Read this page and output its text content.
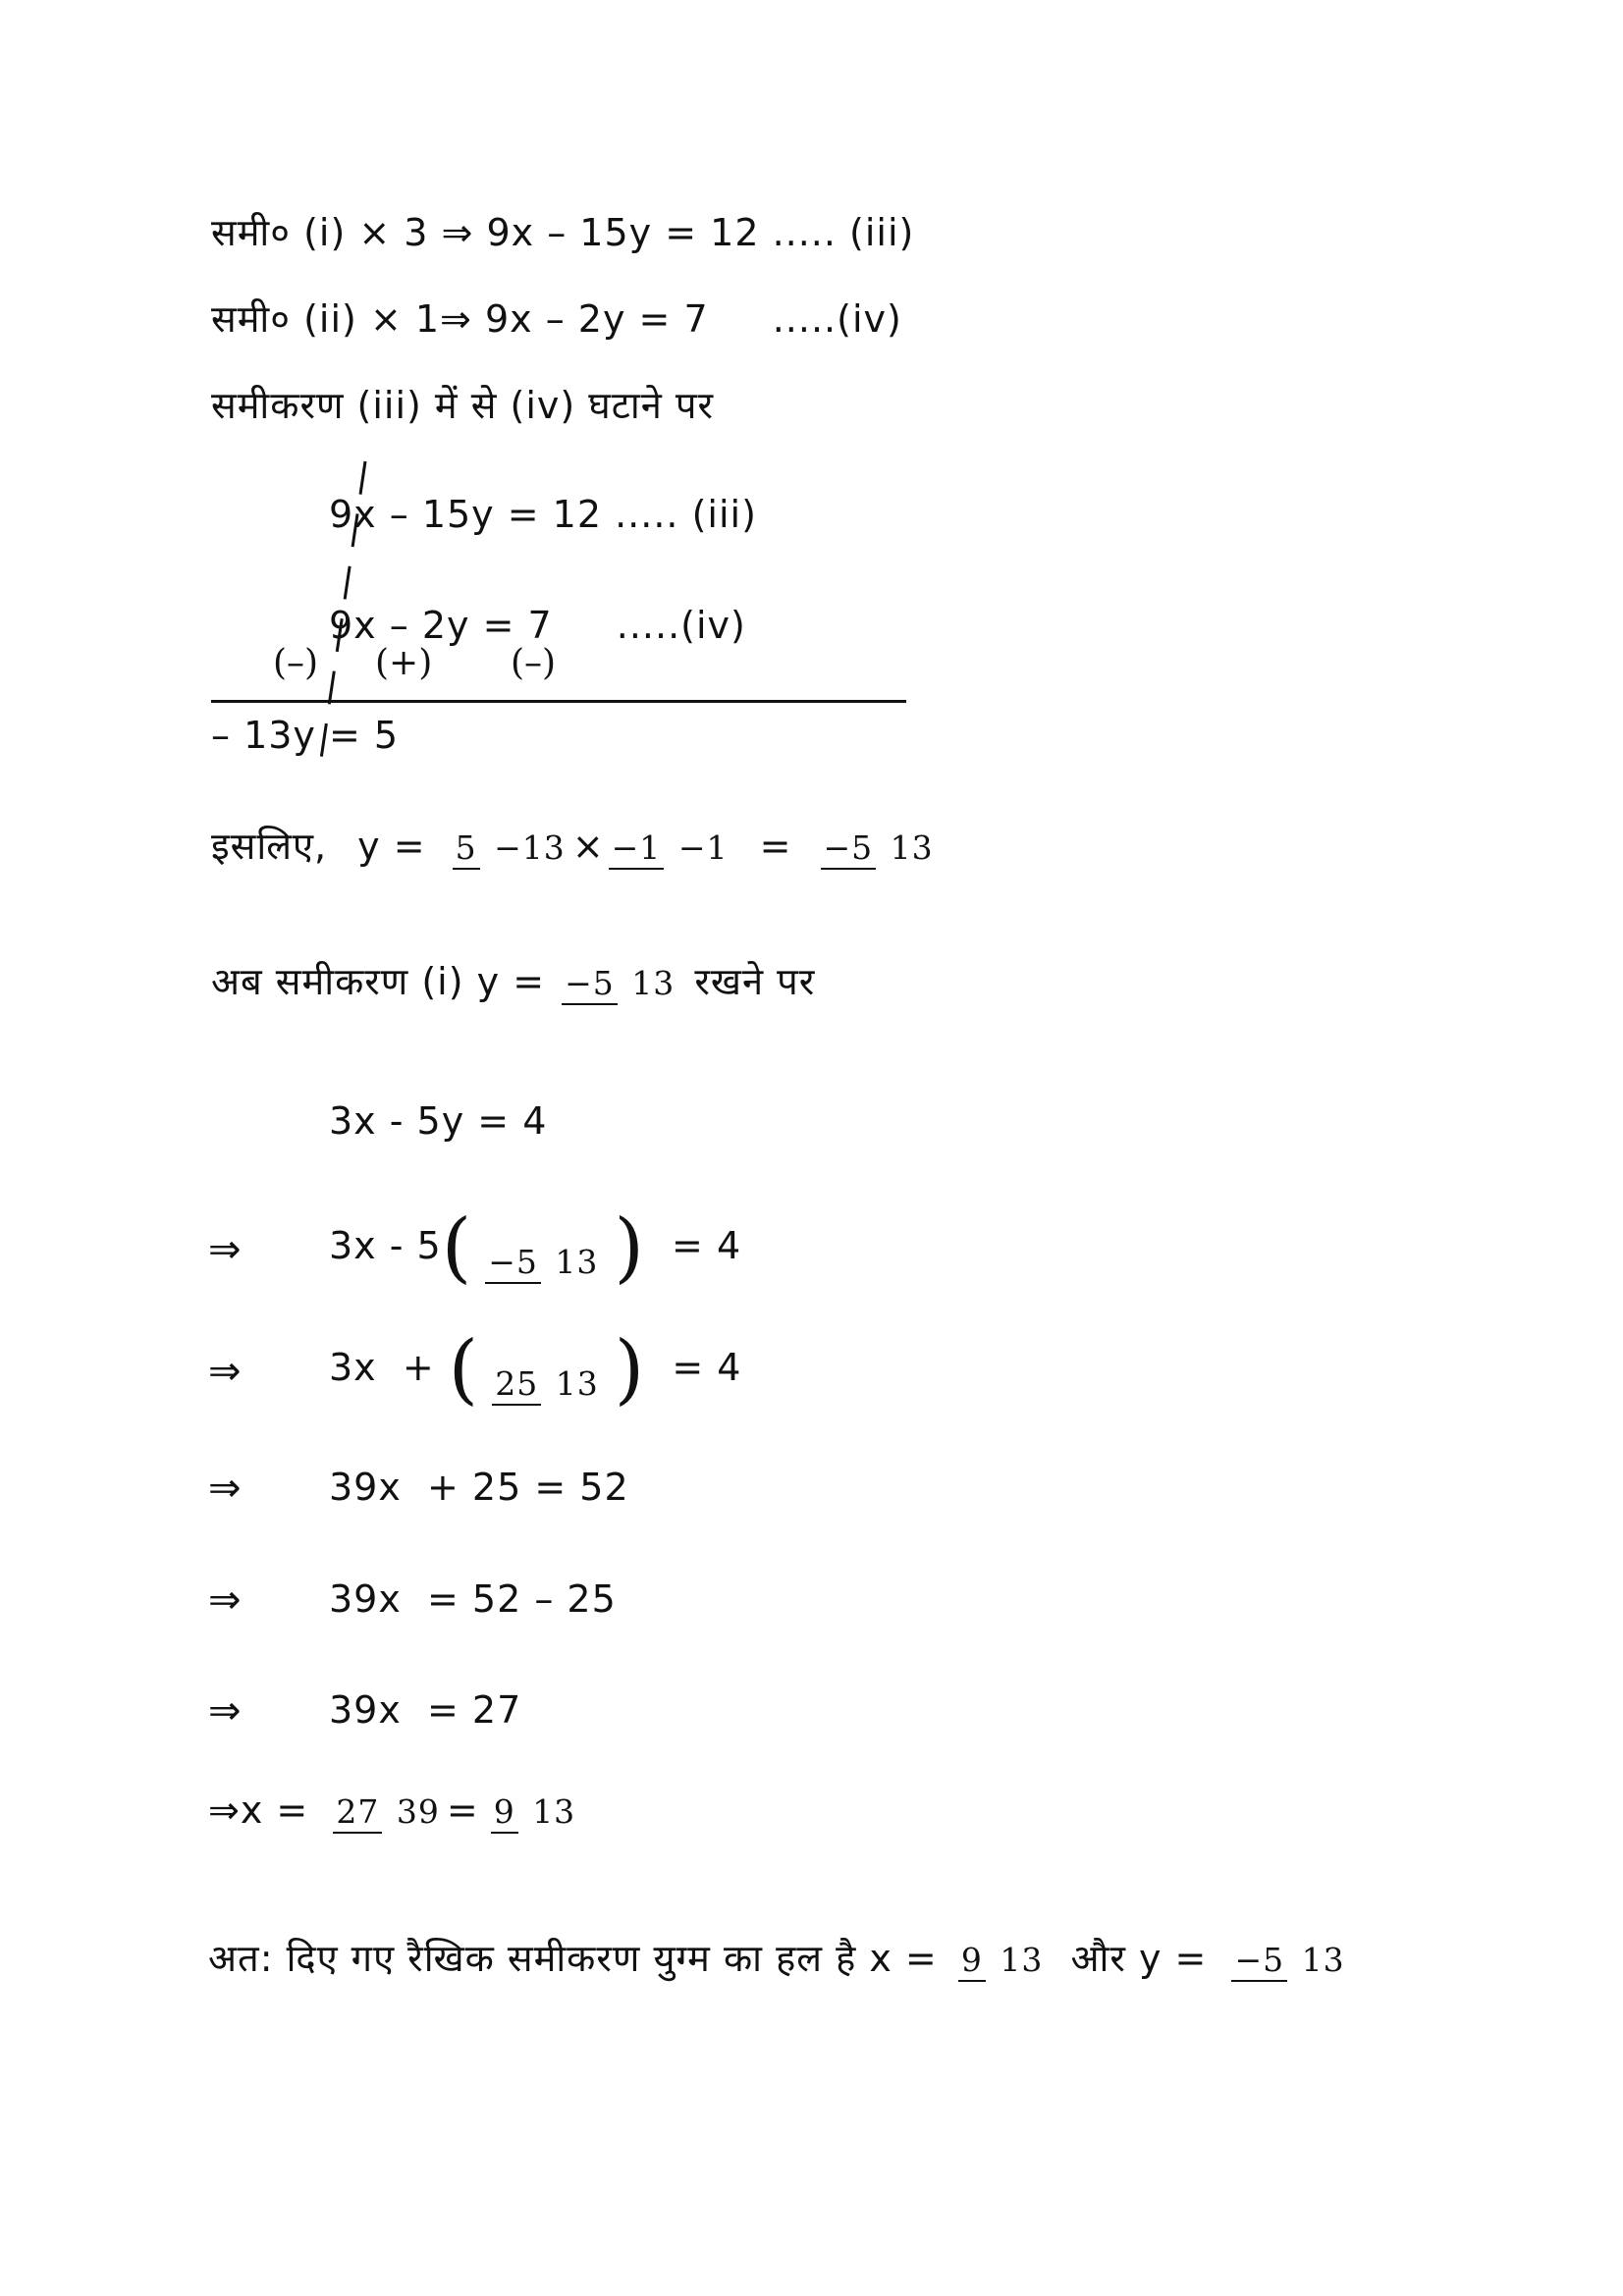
समी० (i) × 3 ⇒ 9x – 15y = 12 ..... (iii)
समी० (ii) × 1⇒ 9x – 2y = 7 .....(iv)
समीकरण (iii) में से (iv) घटाने पर
9x – 15y = 12 ..... (iii)
9x – 2y = 7 .....(iv)
(–) (+) (–)
– 13y = 5
इसलिए, y = 5 −13 × −1 −1 = −5 13
अब समीकरण (i) y = −5 13 रखने पर
3x - 5y = 4
⇒ 3x - 5( −5 13 ) = 4
⇒ 3x  + ( 25 13 ) = 4
⇒ 39x  + 25 = 52
⇒ 39x  = 52 – 25
⇒ 39x  = 27
⇒x = 27 39 = 9 13
अत: दिए गए रैखिक समीकरण युग्म का हल है x = 9 13 और y = −5 13
